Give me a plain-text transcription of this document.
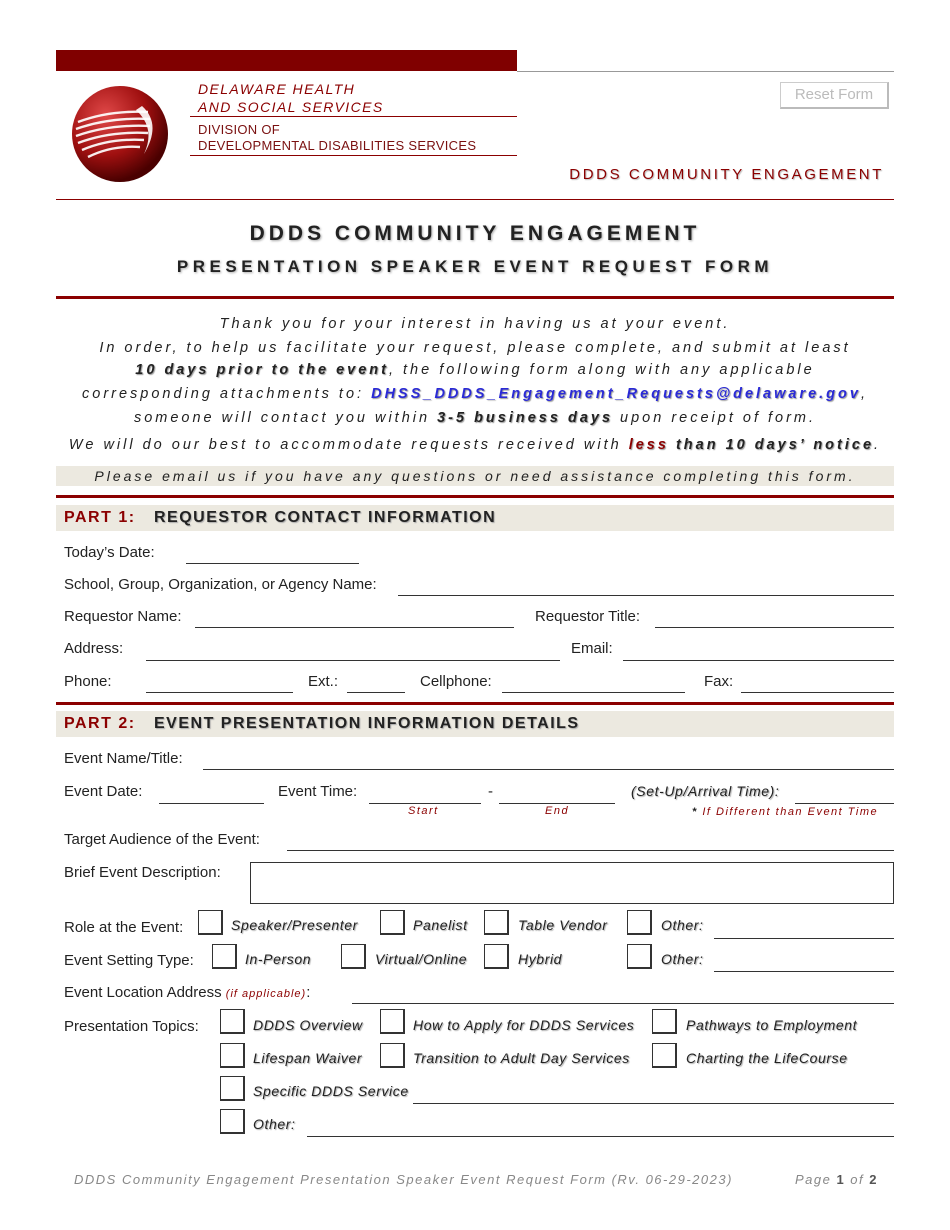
DELAWARE HEALTH
AND SOCIAL SERVICES
DIVISION OF
DEVELOPMENTAL DISABILITIES SERVICES
Reset Form
DDDS COMMUNITY ENGAGEMENT
DDDS COMMUNITY ENGAGEMENT
PRESENTATION SPEAKER EVENT REQUEST FORM
Thank you for your interest in having us at your event.
In order, to help us facilitate your request, please complete, and submit at least
10 days prior to the event, the following form along with any applicable
corresponding attachments to: DHSS_DDDS_Engagement_Requests@delaware.gov,
someone will contact you within 3-5 business days upon receipt of form.
We will do our best to accommodate requests received with less than 10 days’ notice.
Please email us if you have any questions or need assistance completing this form.
PART 1: REQUESTOR CONTACT INFORMATION
Today’s Date:
School, Group, Organization, or Agency Name:
Requestor Name:	Requestor Title:
Address:	Email:
Phone:	Ext.:	Cellphone:	Fax:
PART 2: EVENT PRESENTATION INFORMATION DETAILS
Event Name/Title:
Event Date:	Event Time:	-	(Set-Up/Arrival Time):
Start	End	* If Different than Event Time
Target Audience of the Event:
Brief Event Description:
Role at the Event:	Speaker/Presenter	Panelist	Table Vendor	Other:
Event Setting Type:	In-Person	Virtual/Online	Hybrid	Other:
Event Location Address (if applicable):
Presentation Topics:	DDDS Overview	How to Apply for DDDS Services	Pathways to Employment
Lifespan Waiver	Transition to Adult Day Services	Charting the LifeCourse
Specific DDDS Service
Other:
DDDS Community Engagement Presentation Speaker Event Request Form (Rv. 06-29-2023)	Page 1 of 2
